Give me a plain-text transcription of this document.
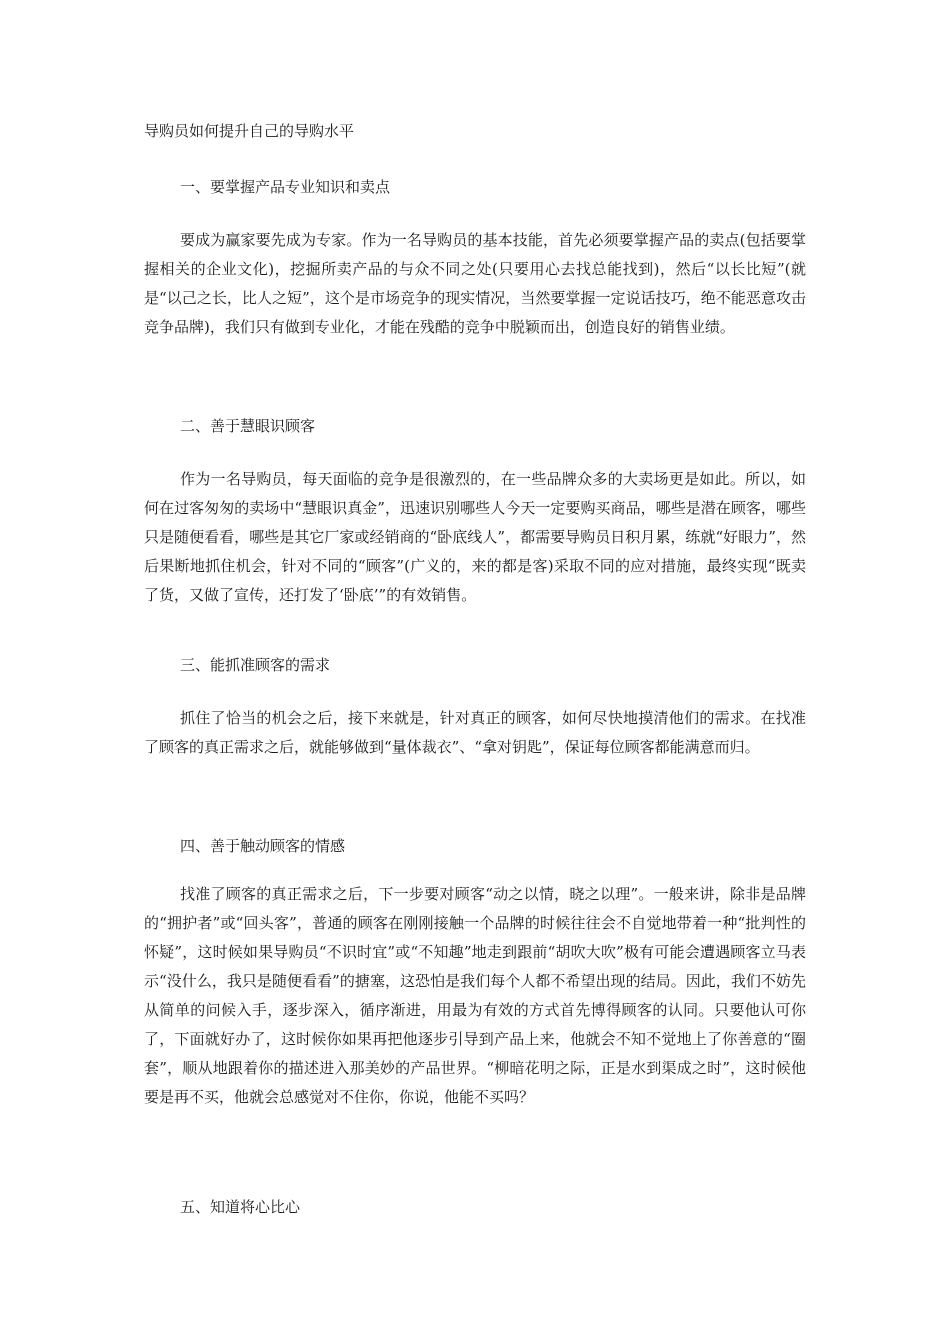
导购员如何提升自己的导购水平
一、要掌握产品专业知识和卖点

要成为赢家要先成为专家。作为一名导购员的基本技能，首先必须要掌握产品的卖点(包括要掌握相关的企业文化)，挖掘所卖产品的与众不同之处(只要用心去找总能找到)，然后“以长比短”(就是“以己之长，比人之短”，这个是市场竞争的现实情况，当然要掌握一定说话技巧，绝不能恶意攻击竞争品牌)，我们只有做到专业化，才能在残酷的竞争中脱颖而出，创造良好的销售业绩。

二、善于慧眼识顾客

作为一名导购员，每天面临的竞争是很激烈的，在一些品牌众多的大卖场更是如此。所以，如何在过客匆匆的卖场中“慧眼识真金”，迅速识别哪些人今天一定要购买商品，哪些是潜在顾客，哪些只是随便看看，哪些是其它厂家或经销商的“卧底线人”，都需要导购员日积月累，练就“好眼力”，然后果断地抓住机会，针对不同的“顾客”(广义的，来的都是客)采取不同的应对措施，最终实现“既卖了货，又做了宣传，还打发了‘卧底’”的有效销售。

三、能抓准顾客的需求

抓住了恰当的机会之后，接下来就是，针对真正的顾客，如何尽快地摸清他们的需求。在找准了顾客的真正需求之后，就能够做到“量体裁衣”、“拿对钥匙”，保证每位顾客都能满意而归。

四、善于触动顾客的情感

找准了顾客的真正需求之后，下一步要对顾客“动之以情，晓之以理”。一般来讲，除非是品牌的“拥护者”或“回头客”，普通的顾客在刚刚接触一个品牌的时候往往会不自觉地带着一种“批判性的怀疑”，这时候如果导购员“不识时宜”或“不知趣”地走到跟前“胡吹大吹”极有可能会遭遇顾客立马表示“没什么，我只是随便看看”的搪塞，这恐怕是我们每个人都不希望出现的结局。因此，我们不妨先从简单的问候入手，逐步深入，循序渐进，用最为有效的方式首先博得顾客的认同。只要他认可你了，下面就好办了，这时候你如果再把他逐步引导到产品上来，他就会不知不觉地上了你善意的“圈套”，顺从地跟着你的描述进入那美妙的产品世界。“柳暗花明之际，正是水到渠成之时”，这时候他要是再不买，他就会总感觉对不住你，你说，他能不买吗？

五、知道将心比心
